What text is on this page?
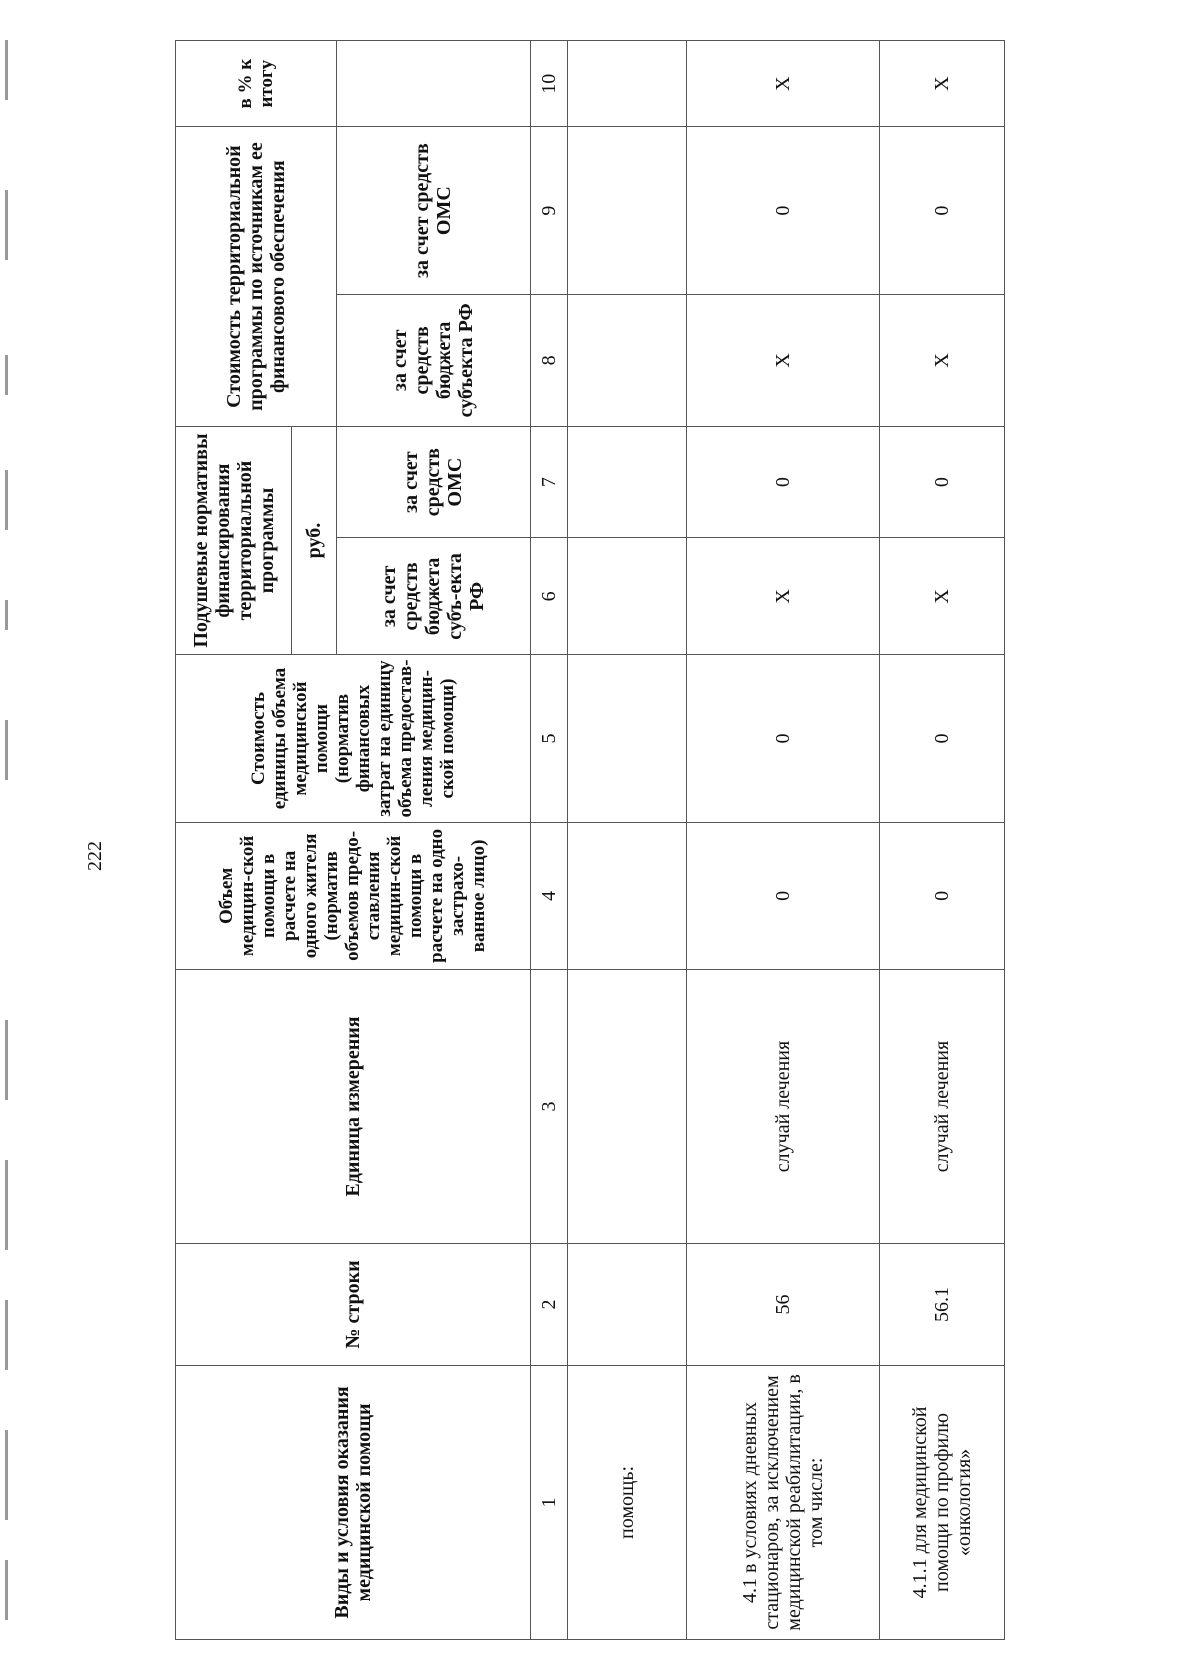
222
Виды и условия оказания медицинской помощи	№ строки	Единица измерения	Объем медицин-ской помощи в расчете на одного жителя (норматив объемов предо-ставления медицин-ской помощи в расчете на одно застрахо-ванное лицо)	Стоимость единицы объема медицинской помощи (норматив финансовых затрат на единицу объема предостав-ления медицин-ской помощи)	Подушевые нормативы финансирования территориальной программы		Стоимость территориальной программы по источникам ее финансового обеспечения		в % к итогу
					руб.				
					за счет средств бюджета субъ-екта РФ	за счет средств ОМС	за счет средств бюджета субъекта РФ	за счет средств ОМС	
1	2	3	4	5	6	7	8	9	10
помощь:									
4.1 в условиях дневных стационаров, за исключением медицинской реабилитации, в том числе:	56	случай лечения	0	0	X	0	X	0	X
4.1.1 для медицинской помощи по профилю «онкология»	56.1	случай лечения	0	0	X	0	X	0	X
